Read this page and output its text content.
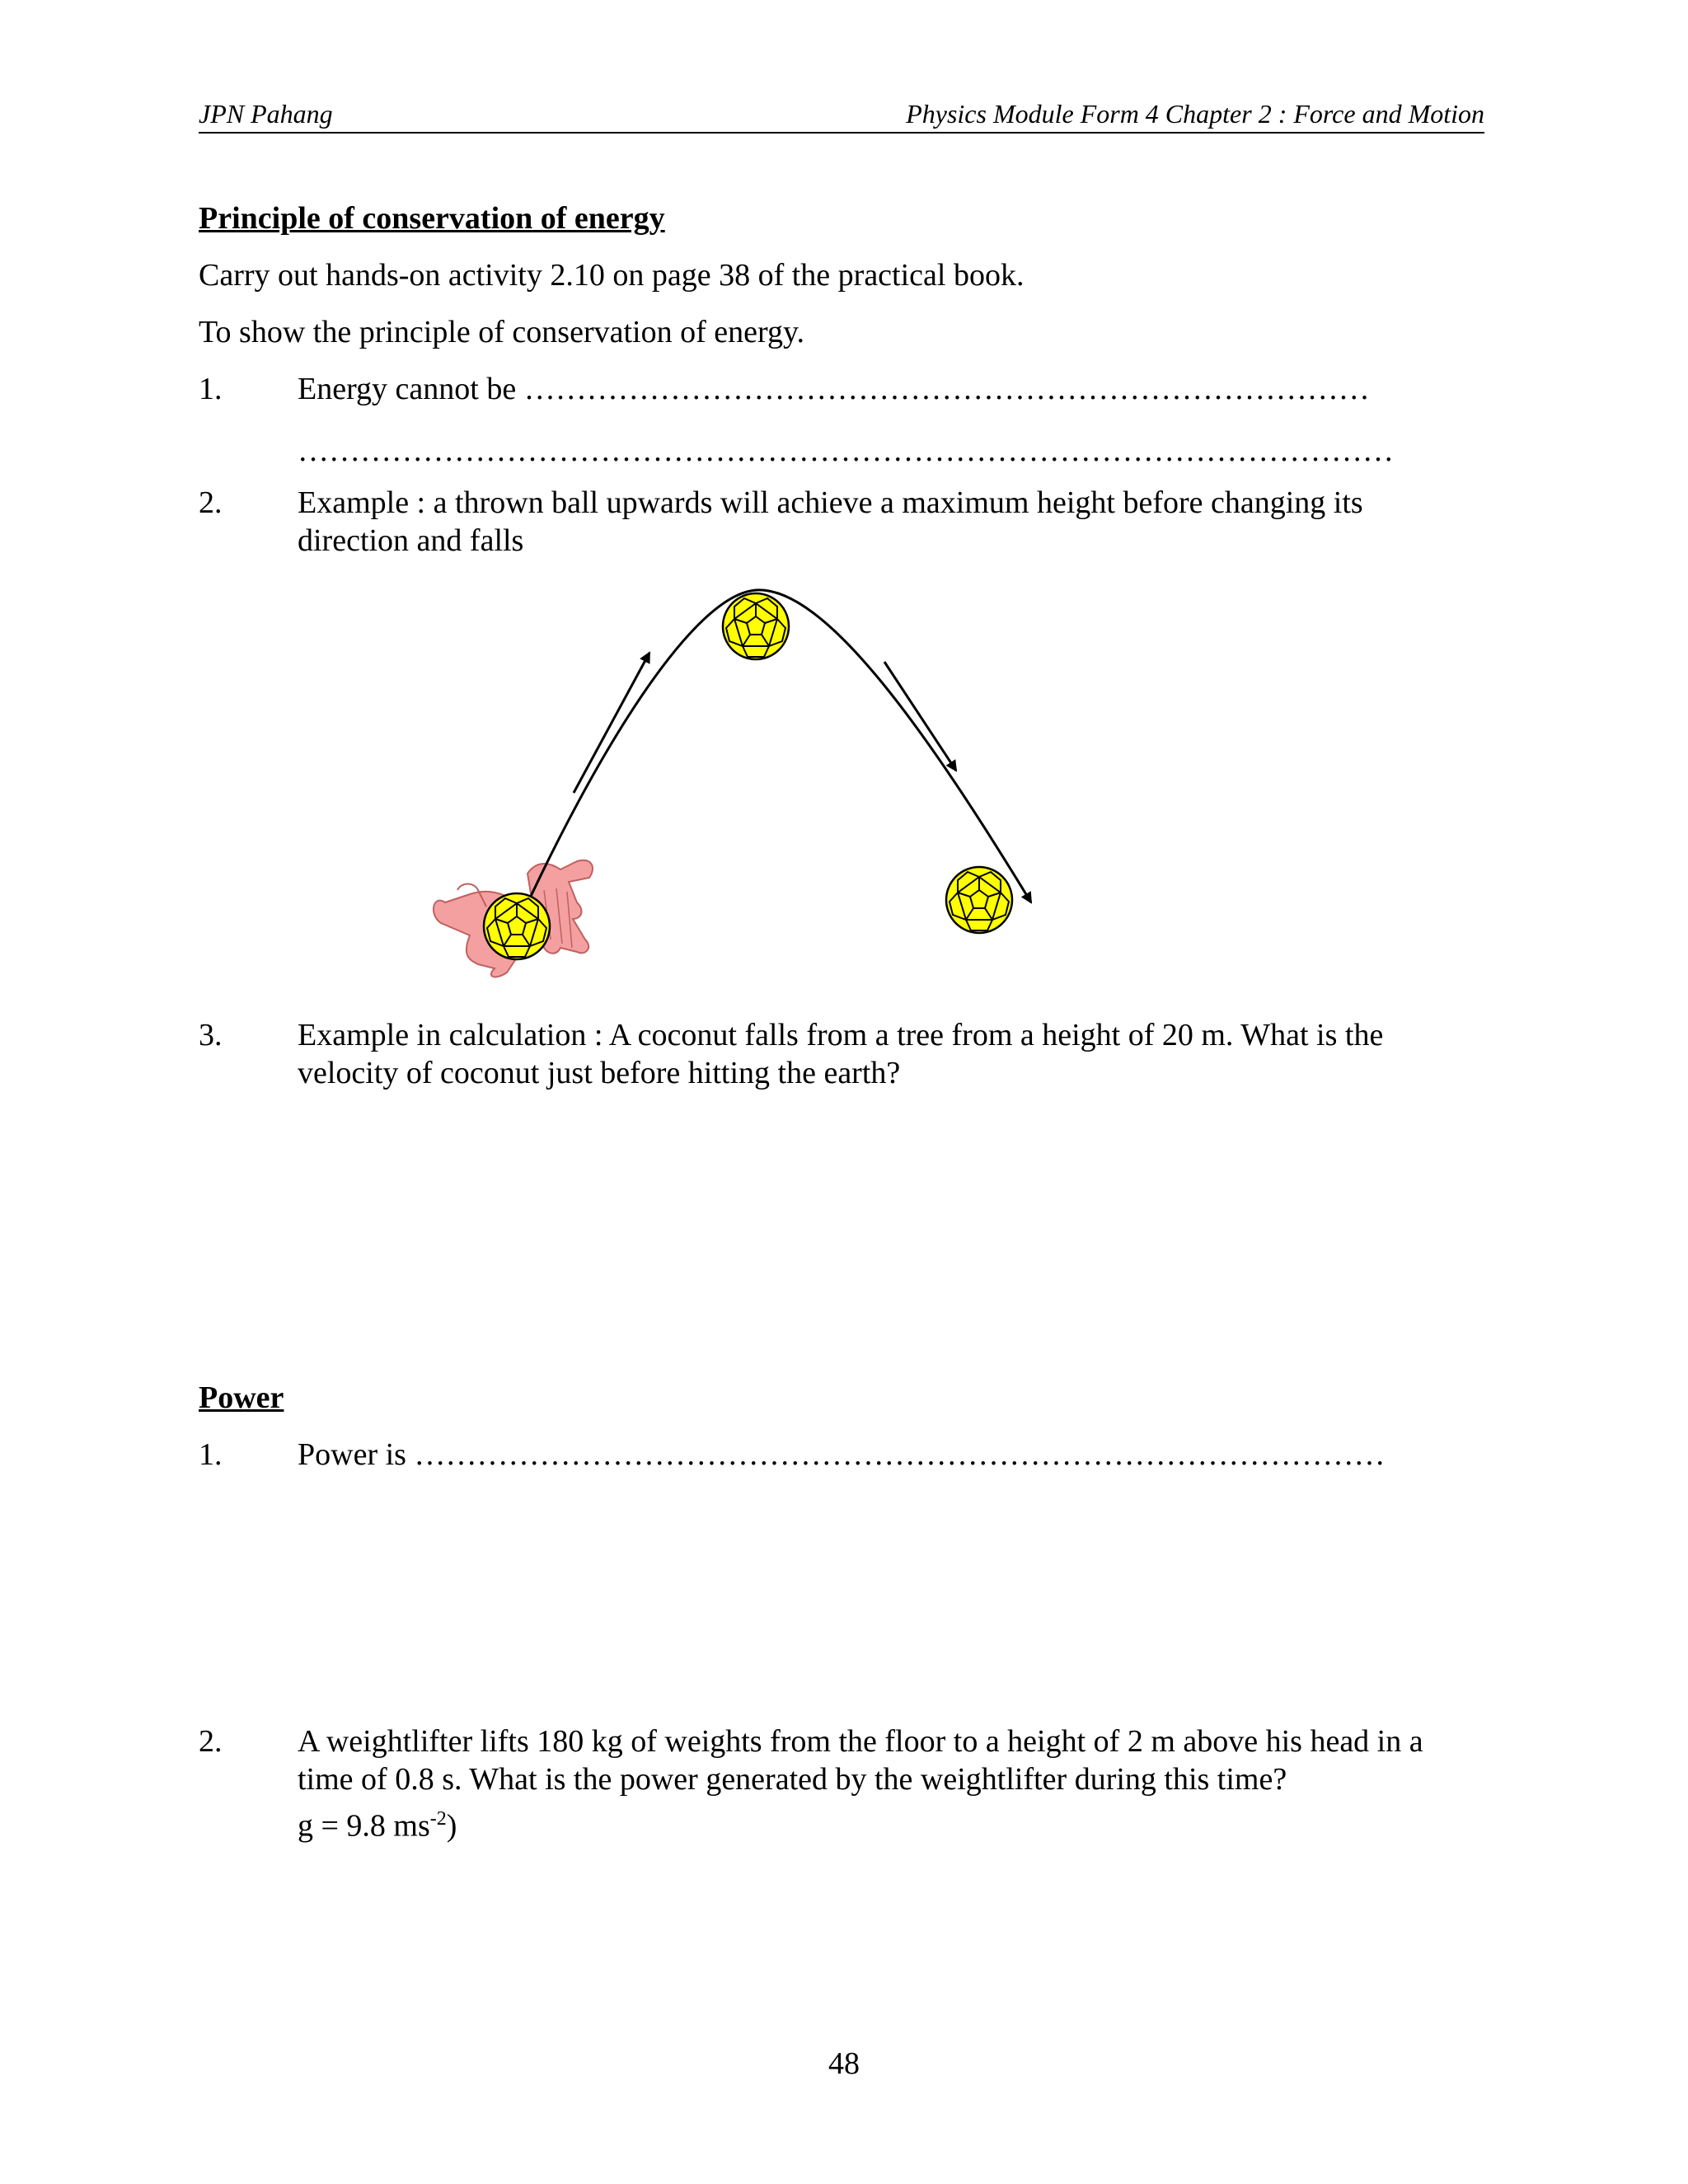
JPN Pahang	Physics Module Form 4 Chapter 2 : Force and Motion
Principle of conservation of energy
Carry out hands-on activity 2.10 on page 38 of the practical book.
To show the principle of conservation of energy.
1. Energy cannot be ………………………………………………………………………
……………………………………………………………………………………………
2. Example : a thrown ball upwards will achieve a maximum height before changing its
direction and falls
3. Example in calculation : A coconut falls from a tree from a height of 20 m. What is the
velocity of coconut just before hitting the earth?
Power
1. Power is …………………………………………………………………………………
2. A weightlifter lifts 180 kg of weights from the floor to a height of 2 m above his head in a
time of 0.8 s. What is the power generated by the weightlifter during this time?
g = 9.8 $ms^{-2}$)
48
